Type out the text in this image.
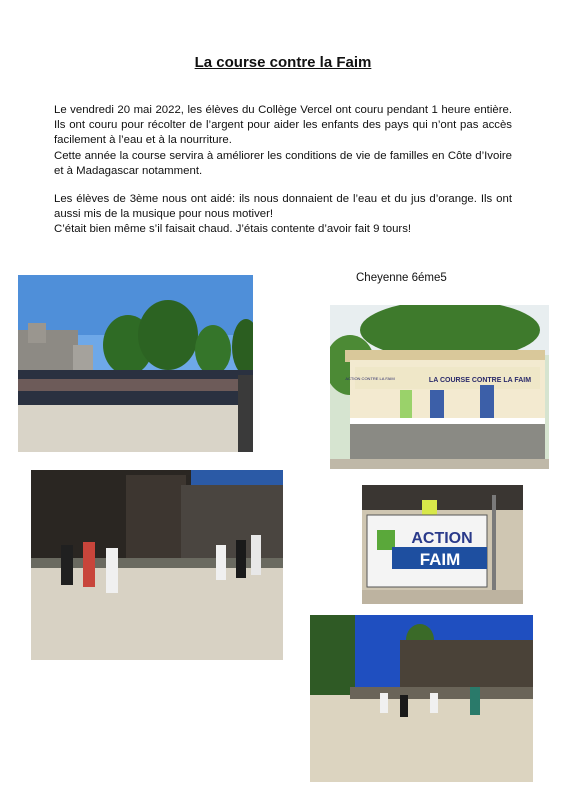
La course contre la Faim

Le vendredi 20 mai 2022, les élèves du Collège Vercel ont couru pendant 1 heure entière. Ils ont couru pour récolter de l’argent pour aider les enfants des pays qui n’ont pas accès facilement à l’eau et à la nourriture.

Cette année la course servira à améliorer les conditions de vie de familles en Côte d’Ivoire et à Madagascar notamment.

Les élèves de 3ème nous ont aidé: ils nous donnaient de l’eau et du jus d’orange. Ils ont aussi mis de la musique pour nous motiver!

C’était bien même s’il faisait chaud. J’étais contente d’avoir fait 9 tours!

Cheyenne 6éme5
LA COURSE CONTRE LA FAIM
ACTION CONTRE LA FAIM
ACTION
FAIM
